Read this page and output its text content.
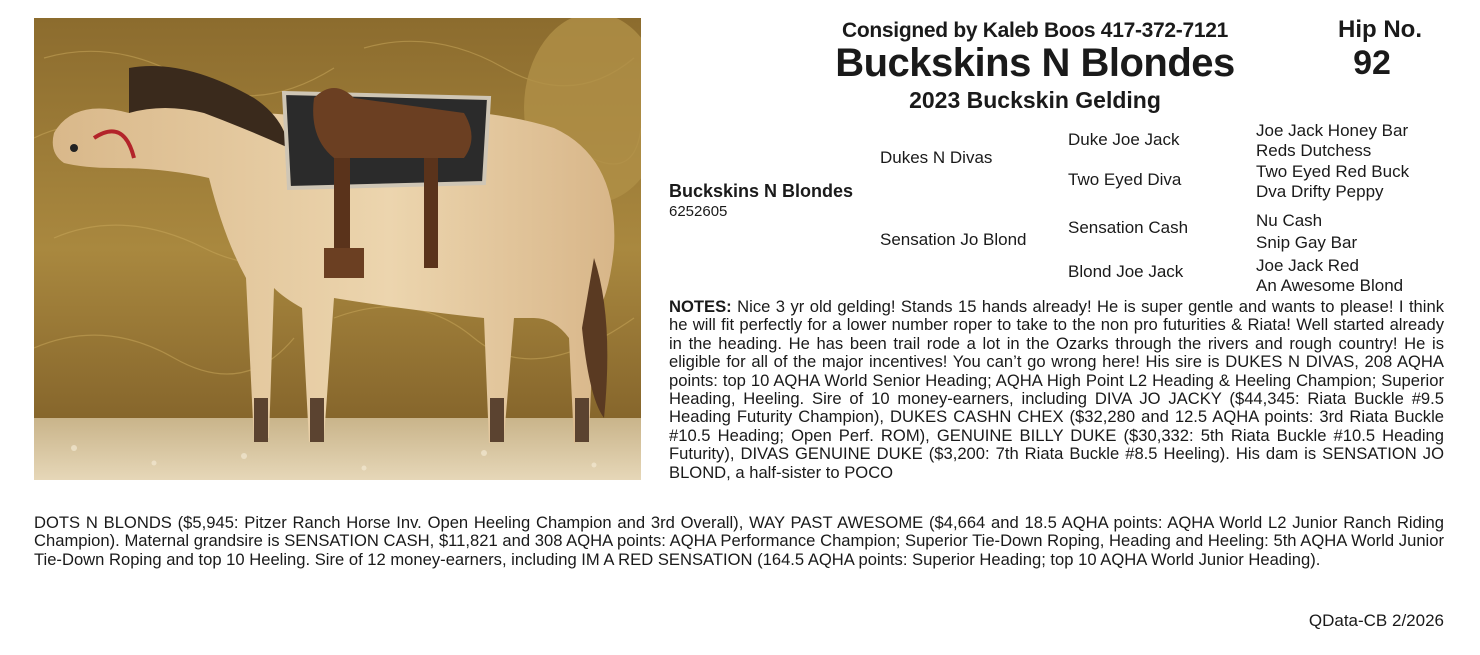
Consigned by Kaleb Boos 417-372-7121	Hip No.
92
Buckskins N Blondes
2023 Buckskin Gelding
Buckskins N Blondes
6252605
Dukes N Divas
Sensation Jo Blond
Duke Joe Jack
Two Eyed Diva
Sensation Cash
Blond Joe Jack
Joe Jack Honey Bar
Reds Dutchess
Two Eyed Red Buck
Dva Drifty Peppy
Nu Cash
Snip Gay Bar
Joe Jack Red
An Awesome Blond
NOTES: Nice 3 yr old gelding! Stands 15 hands already! He is super gentle and wants to please! I think he will fit perfectly for a lower number roper to take to the non pro futurities & Riata! Well started already in the heading. He has been trail rode a lot in the Ozarks through the rivers and rough country! He is eligible for all of the major incentives! You can’t go wrong here! His sire is DUKES N DIVAS, 208 AQHA points: top 10 AQHA World Senior Heading; AQHA High Point L2 Heading & Heeling Champion; Superior Heading, Heeling. Sire of 10 money-earners, including DIVA JO JACKY ($44,345: Riata Buckle #9.5 Heading Futurity Champion), DUKES CASHN CHEX ($32,280 and 12.5 AQHA points: 3rd Riata Buckle #10.5 Heading; Open Perf. ROM), GENUINE BILLY DUKE ($30,332: 5th Riata Buckle #10.5 Heading Futurity), DIVAS GENUINE DUKE ($3,200: 7th Riata Buckle #8.5 Heeling). His dam is SENSATION JO BLOND, a half-sister to POCO
DOTS N BLONDS ($5,945: Pitzer Ranch Horse Inv. Open Heeling Champion and 3rd Overall), WAY PAST AWESOME ($4,664 and 18.5 AQHA points: AQHA World L2 Junior Ranch Riding Champion). Maternal grandsire is SENSATION CASH, $11,821 and 308 AQHA points: AQHA Performance Champion; Superior Tie-Down Roping, Heading and Heeling: 5th AQHA World Junior Tie-Down Roping and top 10 Heeling. Sire of 12 money-earners, including IM A RED SENSATION (164.5 AQHA points: Superior Heading; top 10 AQHA World Junior Heading).
QData-CB 2/2026
